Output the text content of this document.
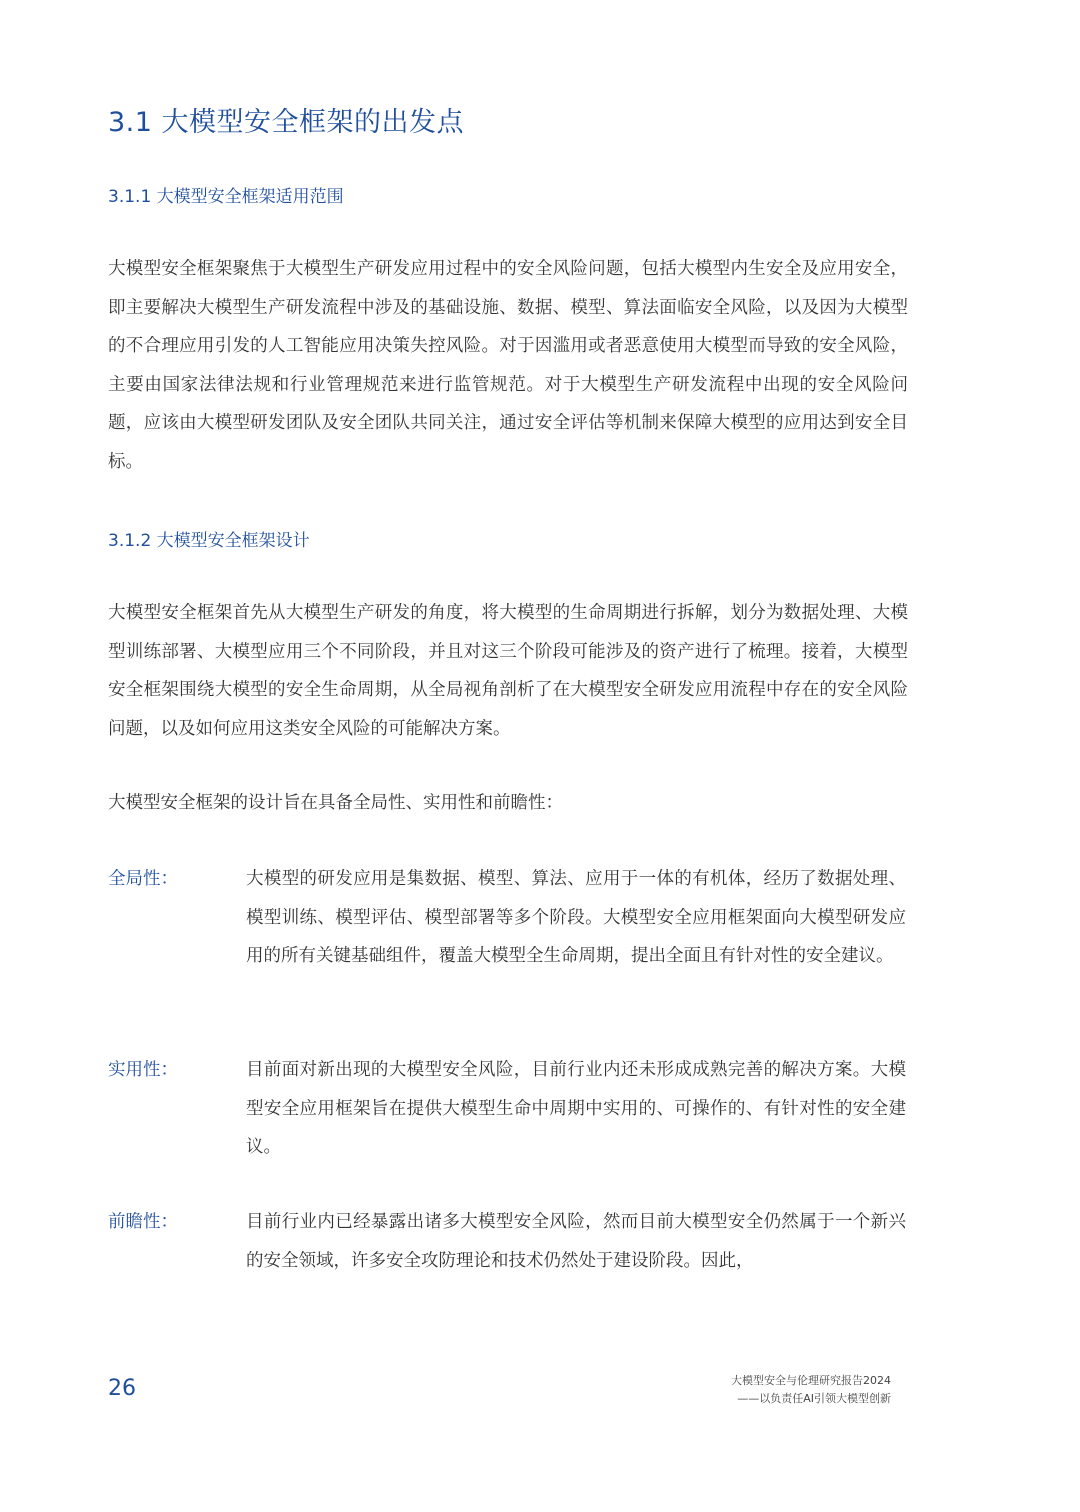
3.1 大模型安全框架的出发点
3.1.1 大模型安全框架适用范围

大模型安全框架聚焦于大模型生产研发应用过程中的安全风险问题，包括大模型内生安全及应用安全，即主要解决大模型生产研发流程中涉及的基础设施、数据、模型、算法面临安全风险，以及因为大模型的不合理应用引发的人工智能应用决策失控风险。对于因滥用或者恶意使用大模型而导致的安全风险，主要由国家法律法规和行业管理规范来进行监管规范。对于大模型生产研发流程中出现的安全风险问题，应该由大模型研发团队及安全团队共同关注，通过安全评估等机制来保障大模型的应用达到安全目标。

3.1.2 大模型安全框架设计

大模型安全框架首先从大模型生产研发的角度，将大模型的生命周期进行拆解，划分为数据处理、大模型训练部署、大模型应用三个不同阶段，并且对这三个阶段可能涉及的资产进行了梳理。接着，大模型安全框架围绕大模型的安全生命周期，从全局视角剖析了在大模型安全研发应用流程中存在的安全风险问题，以及如何应用这类安全风险的可能解决方案。

大模型安全框架的设计旨在具备全局性、实用性和前瞻性：

全局性：	大模型的研发应用是集数据、模型、算法、应用于一体的有机体，经历了数据处理、模型训练、模型评估、模型部署等多个阶段。大模型安全应用框架面向大模型研发应用的所有关键基础组件，覆盖大模型全生命周期，提出全面且有针对性的安全建议。

实用性：	目前面对新出现的大模型安全风险，目前行业内还未形成成熟完善的解决方案。大模型安全应用框架旨在提供大模型生命中周期中实用的、可操作的、有针对性的安全建议。

前瞻性：	目前行业内已经暴露出诸多大模型安全风险，然而目前大模型安全仍然属于一个新兴的安全领域，许多安全攻防理论和技术仍然处于建设阶段。因此，

26	大模型安全与伦理研究报告2024
——以负责任AI引领大模型创新
